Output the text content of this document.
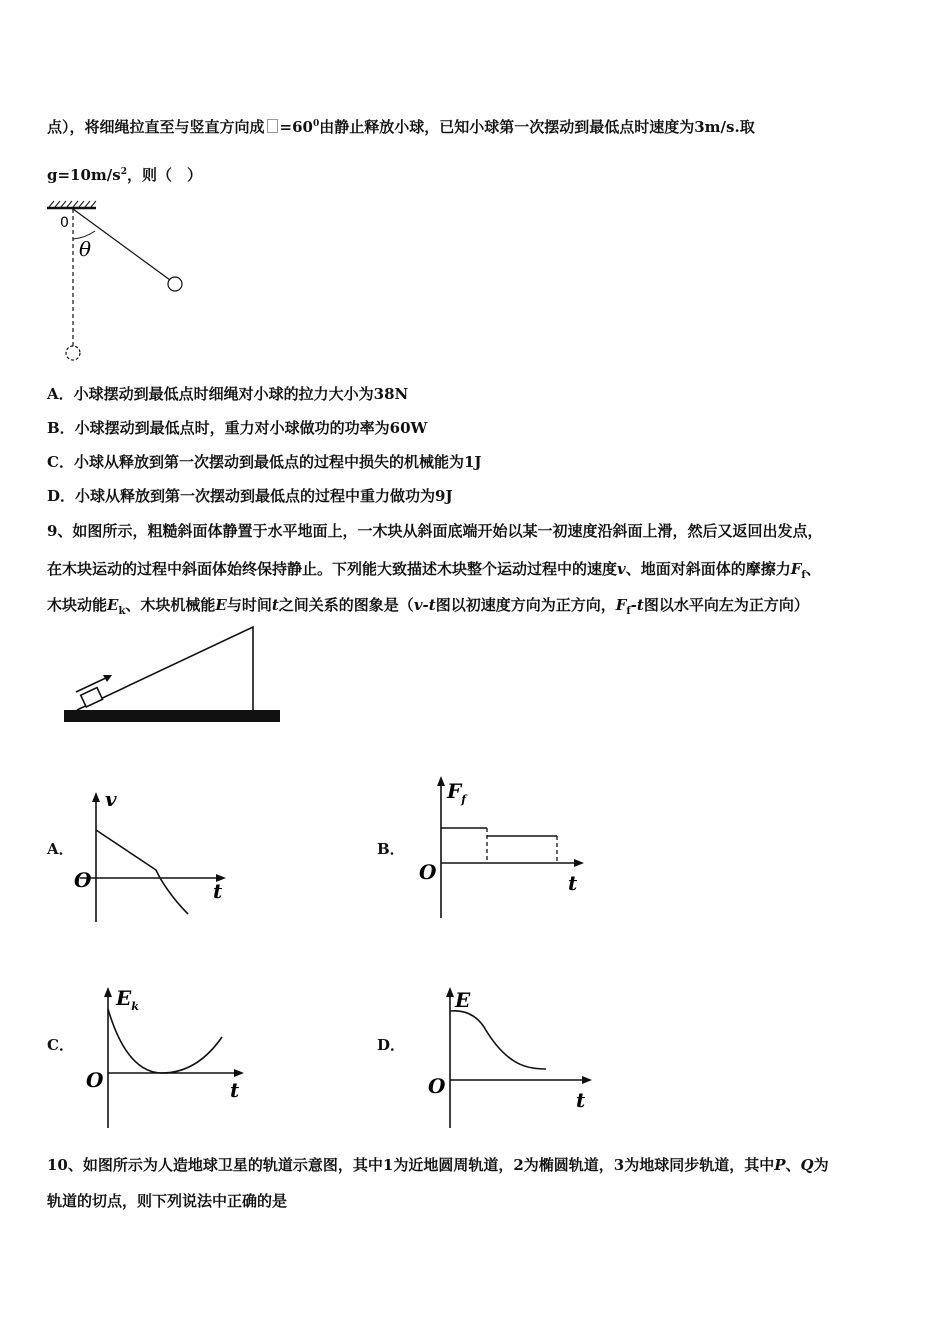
点），将细绳拉直至与竖直方向成 $=60^0$由静止释放小球，已知小球第一次摆动到最低点时速度为3m/s.取
$g=10m/s^2$，则（　）
0
θ
A．小球摆动到最低点时细绳对小球的拉力大小为38N
B．小球摆动到最低点时，重力对小球做功的功率为60W
C．小球从释放到第一次摆动到最低点的过程中损失的机械能为1J
D．小球从释放到第一次摆动到最低点的过程中重力做功为9J
9、如图所示，粗糙斜面体静置于水平地面上，一木块从斜面底端开始以某一初速度沿斜面上滑，然后又返回出发点，
在木块运动的过程中斜面体始终保持静止。下列能大致描述木块整个运动过程中的速度v、地面对斜面体的摩擦力$F_f$、
木块动能$E_k$、木块机械能E与时间t之间关系的图象是（v-t图以初速度方向为正方向，$F_f-t$图以水平向左为正方向）
A．	B．
C．	D．
v
O	t
$F_f$
O	t
$E_k$
O	t
E
O
t
10、如图所示为人造地球卫星的轨道示意图，其中1为近地圆周轨道，2为椭圆轨道，3为地球同步轨道，其中P、Q为
轨道的切点，则下列说法中正确的是
